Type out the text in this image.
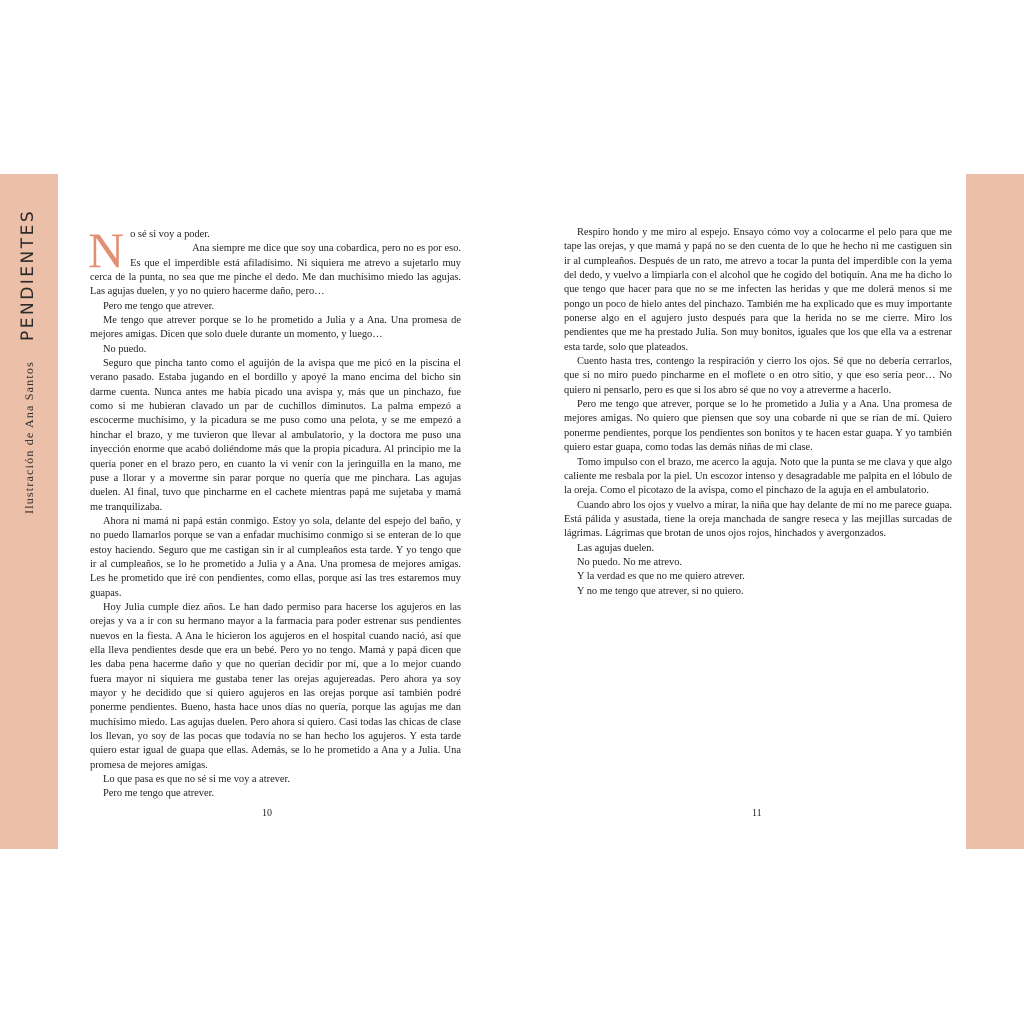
Ilustración de Ana Santos PENDIENTES No sé si voy a poder.

Ana siempre me dice que soy una cobardica, pero no es por eso. Es que el imperdible está afiladísimo. Ni siquiera me atrevo a sujetarlo muy cerca de la punta, no sea que me pinche el dedo. Me dan muchísimo miedo las agujas. Las agujas duelen, y yo no quiero hacerme daño, pero…

Pero me tengo que atrever.

Me tengo que atrever porque se lo he prometido a Julia y a Ana. Una promesa de mejores amigas. Dicen que solo duele durante un momento, y luego…

No puedo.

Seguro que pincha tanto como el aguijón de la avispa que me picó en la piscina el verano pasado. Estaba jugando en el bordillo y apoyé la mano encima del bicho sin darme cuenta. Nunca antes me había picado una avispa y, más que un pinchazo, fue como si me hubieran clavado un par de cuchillos diminutos. La palma empezó a escocerme muchísimo, y la picadura se me puso como una pelota, y se me empezó a hinchar el brazo, y me tuvieron que llevar al ambulatorio, y la doctora me puso una inyección enorme que acabó doliéndome más que la propia picadura. Al principio me la quería poner en el brazo pero, en cuanto la vi venir con la jeringuilla en la mano, me puse a llorar y a moverme sin parar porque no quería que me pinchara. Las agujas duelen. Al final, tuvo que pincharme en el cachete mientras papá me sujetaba y mamá me tranquilizaba.

Ahora ni mamá ni papá están conmigo. Estoy yo sola, delante del espejo del baño, y no puedo llamarlos porque se van a enfadar muchísimo conmigo si se enteran de lo que estoy haciendo. Seguro que me castigan sin ir al cumpleaños esta tarde. Y yo tengo que ir al cumpleaños, se lo he prometido a Julia y a Ana. Una promesa de mejores amigas. Les he prometido que iré con pendientes, como ellas, porque así las tres estaremos muy guapas.

Hoy Julia cumple diez años. Le han dado permiso para hacerse los agujeros en las orejas y va a ir con su hermano mayor a la farmacia para poder estrenar sus pendientes nuevos en la fiesta. A Ana le hicieron los agujeros en el hospital cuando nació, así que ella lleva pendientes desde que era un bebé. Pero yo no tengo. Mamá y papá dicen que les daba pena hacerme daño y que no querían decidir por mí, que a lo mejor cuando fuera mayor ni siquiera me gustaba tener las orejas agujereadas. Pero ahora ya soy mayor y he decidido que sí quiero agujeros en las orejas porque así también podré ponerme pendientes. Bueno, hasta hace unos días no quería, porque las agujas me dan muchísimo miedo. Las agujas duelen. Pero ahora sí quiero. Casi todas las chicas de clase los llevan, yo soy de las pocas que todavía no se han hecho los agujeros. Y esta tarde quiero estar igual de guapa que ellas. Además, se lo he prometido a Ana y a Julia. Una promesa de mejores amigas.

Lo que pasa es que no sé si me voy a atrever.

Pero me tengo que atrever.

Respiro hondo y me miro al espejo. Ensayo cómo voy a colocarme el pelo para que me tape las orejas, y que mamá y papá no se den cuenta de lo que he hecho ni me castiguen sin ir al cumpleaños. Después de un rato, me atrevo a tocar la punta del imperdible con la yema del dedo, y vuelvo a limpiarla con el alcohol que he cogido del botiquín. Ana me ha dicho lo que tengo que hacer para que no se me infecten las heridas y que me dolerá menos si me pongo un poco de hielo antes del pinchazo. También me ha explicado que es muy importante ponerse algo en el agujero justo después para que la herida no se me cierre. Miro los pendientes que me ha prestado Julia. Son muy bonitos, iguales que los que ella va a estrenar esta tarde, solo que plateados.

Cuento hasta tres, contengo la respiración y cierro los ojos. Sé que no debería cerrarlos, que si no miro puedo pincharme en el moflete o en otro sitio, y que eso sería peor… No quiero ni pensarlo, pero es que si los abro sé que no voy a atreverme a hacerlo.

Pero me tengo que atrever, porque se lo he prometido a Julia y a Ana. Una promesa de mejores amigas. No quiero que piensen que soy una cobarde ni que se rían de mí. Quiero ponerme pendientes, porque los pendientes son bonitos y te hacen estar guapa. Y yo también quiero estar guapa, como todas las demás niñas de mi clase.

Tomo impulso con el brazo, me acerco la aguja. Noto que la punta se me clava y que algo caliente me resbala por la piel. Un escozor intenso y desagradable me palpita en el lóbulo de la oreja. Como el picotazo de la avispa, como el pinchazo de la aguja en el ambulatorio.

Cuando abro los ojos y vuelvo a mirar, la niña que hay delante de mí no me parece guapa. Está pálida y asustada, tiene la oreja manchada de sangre reseca y las mejillas surcadas de lágrimas. Lágrimas que brotan de unos ojos rojos, hinchados y avergonzados.

Las agujas duelen.

No puedo. No me atrevo.

Y la verdad es que no me quiero atrever.

Y no me tengo que atrever, si no quiero.

10	11
